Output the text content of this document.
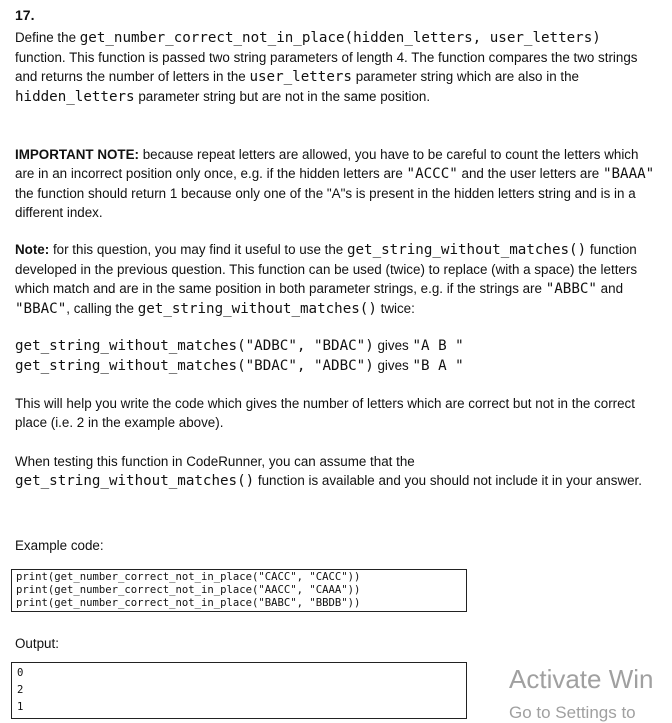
17.

Define the get_number_correct_not_in_place(hidden_letters, user_letters) function. This function is passed two string parameters of length 4. The function compares the two strings and returns the number of letters in the user_letters parameter string which are also in the hidden_letters parameter string but are not in the same position.

IMPORTANT NOTE: because repeat letters are allowed, you have to be careful to count the letters which are in an incorrect position only once, e.g. if the hidden letters are "ACCC" and the user letters are "BAAA" the function should return 1 because only one of the "A"s is present in the hidden letters string and is in a different index.

Note: for this question, you may find it useful to use the get_string_without_matches() function developed in the previous question. This function can be used (twice) to replace (with a space) the letters which match and are in the same position in both parameter strings, e.g. if the strings are "ABBC" and "BBAC", calling the get_string_without_matches() twice:

get_string_without_matches("ADBC", "BDAC") gives "A B "
get_string_without_matches("BDAC", "ADBC") gives "B A "

This will help you write the code which gives the number of letters which are correct but not in the correct place (i.e. 2 in the example above).

When testing this function in CodeRunner, you can assume that the get_string_without_matches() function is available and you should not include it in your answer.

Example code:
print(get_number_correct_not_in_place("CACC", "CACC"))
print(get_number_correct_not_in_place("AACC", "CAAA"))
print(get_number_correct_not_in_place("BABC", "BBDB"))
Output:
0
2
1
Activate Win
Go to Settings to
